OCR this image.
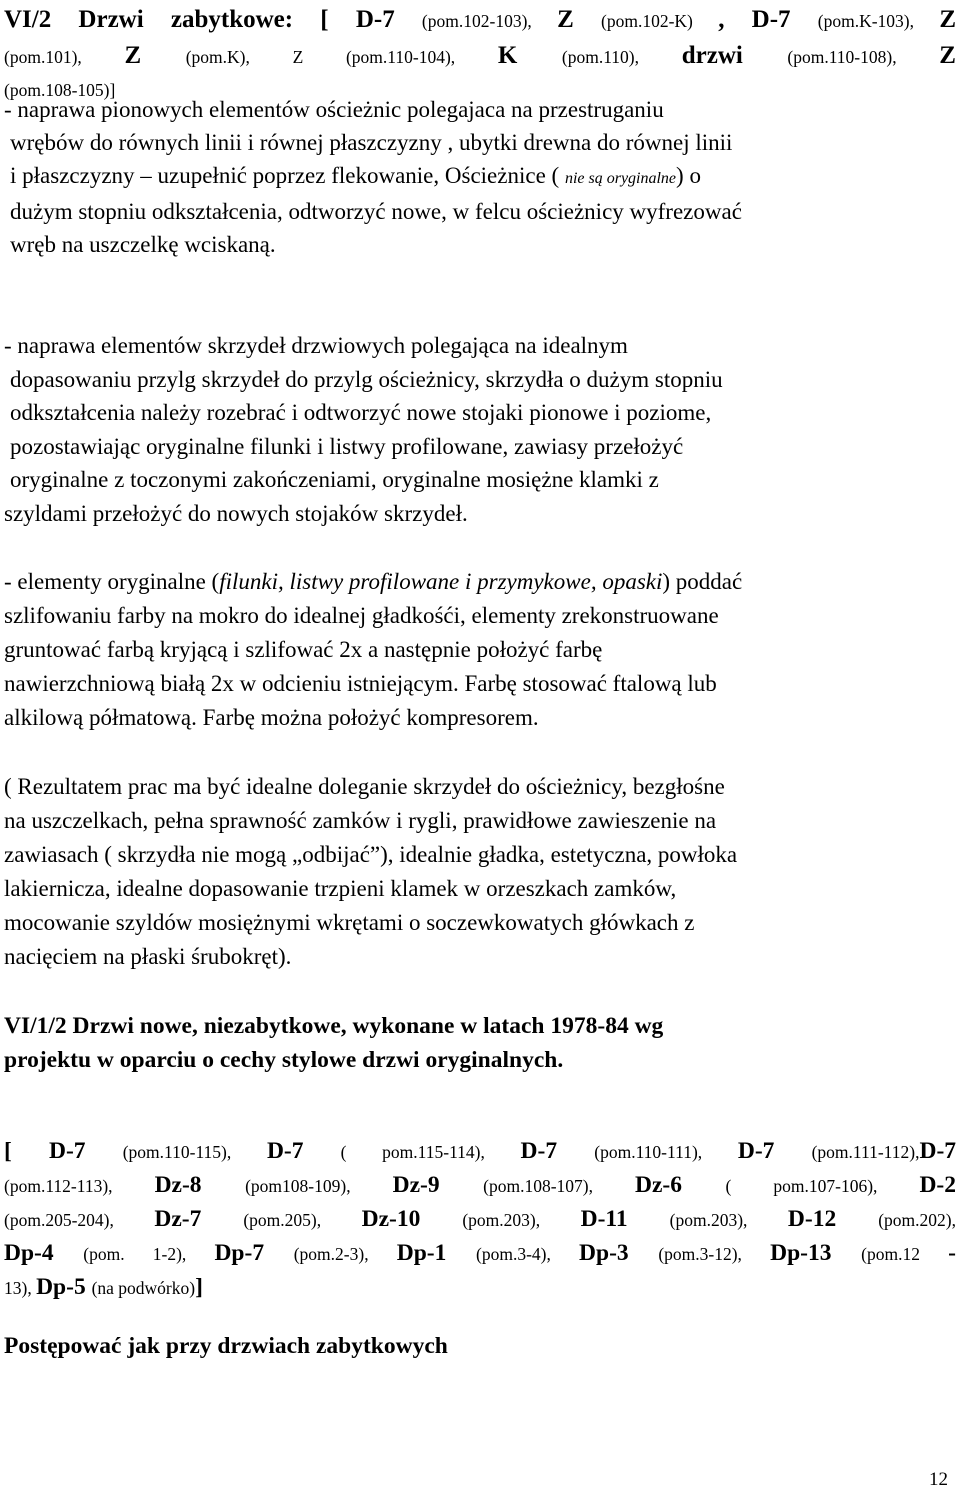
VI/2 Drzwi zabytkowe: [ D-7 (pom.102-103), Z (pom.102-K) , D-7 (pom.K-103), Z
(pom.101), Z (pom.K), Z (pom.110-104), K (pom.110), drzwi (pom.110-108), Z
(pom.108-105)]
- naprawa pionowych elementów ościeżnic polegajaca na przestruganiu
wrębów do równych linii i równej płaszczyzny , ubytki drewna do równej linii
i płaszczyzny – uzupełnić poprzez flekowanie, Ościeżnice ( nie są oryginalne) o
dużym stopniu odkształcenia, odtworzyć nowe, w felcu ościeżnicy wyfrezować
wręb na uszczelkę wciskaną.
- naprawa elementów skrzydeł drzwiowych polegająca na idealnym
dopasowaniu przylg skrzydeł do przylg ościeżnicy, skrzydła o dużym stopniu
odkształcenia należy rozebrać i odtworzyć nowe stojaki pionowe i poziome,
pozostawiając oryginalne filunki i listwy profilowane, zawiasy przełożyć
oryginalne z toczonymi zakończeniami, oryginalne mosiężne klamki z
szyldami przełożyć do nowych stojaków skrzydeł.
- elementy oryginalne (filunki, listwy profilowane i przymykowe, opaski) poddać
szlifowaniu farby na mokro do idealnej gładkośći, elementy zrekonstruowane
gruntować farbą kryjącą i szlifować 2x a następnie położyć farbę
nawierzchniową białą 2x w odcieniu istniejącym. Farbę stosować ftalową lub
alkilową półmatową. Farbę można położyć kompresorem.
( Rezultatem prac ma być idealne doleganie skrzydeł do ościeżnicy, bezgłośne
na uszczelkach, pełna sprawność zamków i rygli, prawidłowe zawieszenie na
zawiasach ( skrzydła nie mogą „odbijać”), idealnie gładka, estetyczna, powłoka
lakiernicza, idealne dopasowanie trzpieni klamek w orzeszkach zamków,
mocowanie szyldów mosiężnymi wkrętami o soczewkowatych główkach z
nacięciem na płaski śrubokręt).
VI/1/2 Drzwi nowe, niezabytkowe, wykonane w latach 1978-84 wg
projektu w oparciu o cechy stylowe drzwi oryginalnych.
[ D-7 (pom.110-115), D-7 ( pom.115-114), D-7 (pom.110-111), D-7 (pom.111-112),D-7
(pom.112-113), Dz-8 (pom108-109), Dz-9 (pom.108-107), Dz-6 ( pom.107-106), D-2
(pom.205-204), Dz-7 (pom.205), Dz-10 (pom.203), D-11 (pom.203), D-12 (pom.202),
Dp-4 (pom. 1-2), Dp-7 (pom.2-3), Dp-1 (pom.3-4), Dp-3 (pom.3-12), Dp-13 (pom.12 -
13), Dp-5 (na podwórko)]
Postępować jak przy drzwiach zabytkowych
12
